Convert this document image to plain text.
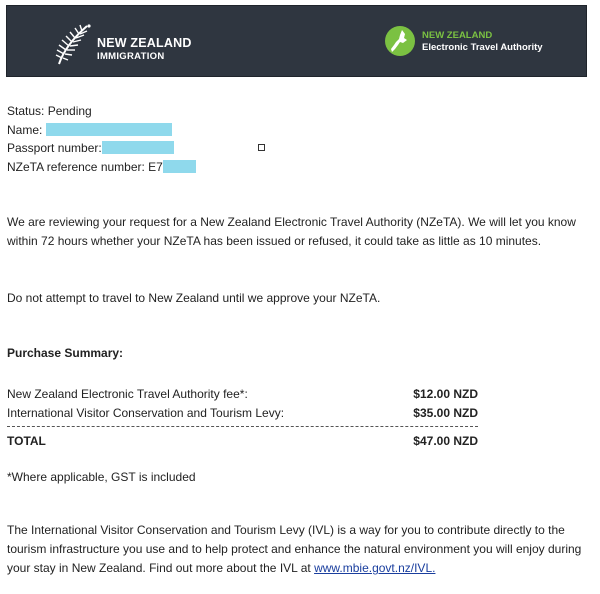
NEW ZEALAND
IMMIGRATION
NEW ZEALAND
Electronic Travel Authority
Status: Pending
Name:
Passport number:
NZeTA reference number: E7

We are reviewing your request for a New Zealand Electronic Travel Authority (NZeTA). We will let you know within 72 hours whether your NZeTA has been issued or refused, it could take as little as 10 minutes.

Do not attempt to travel to New Zealand until we approve your NZeTA.

Purchase Summary:
New Zealand Electronic Travel Authority fee*:	$12.00 NZD
International Visitor Conservation and Tourism Levy:	$35.00 NZD
TOTAL	$47.00 NZD
*Where applicable, GST is included

The International Visitor Conservation and Tourism Levy (IVL) is a way for you to contribute directly to the tourism infrastructure you use and to help protect and enhance the natural environment you will enjoy during your stay in New Zealand. Find out more about the IVL at www.mbie.govt.nz/IVL.
